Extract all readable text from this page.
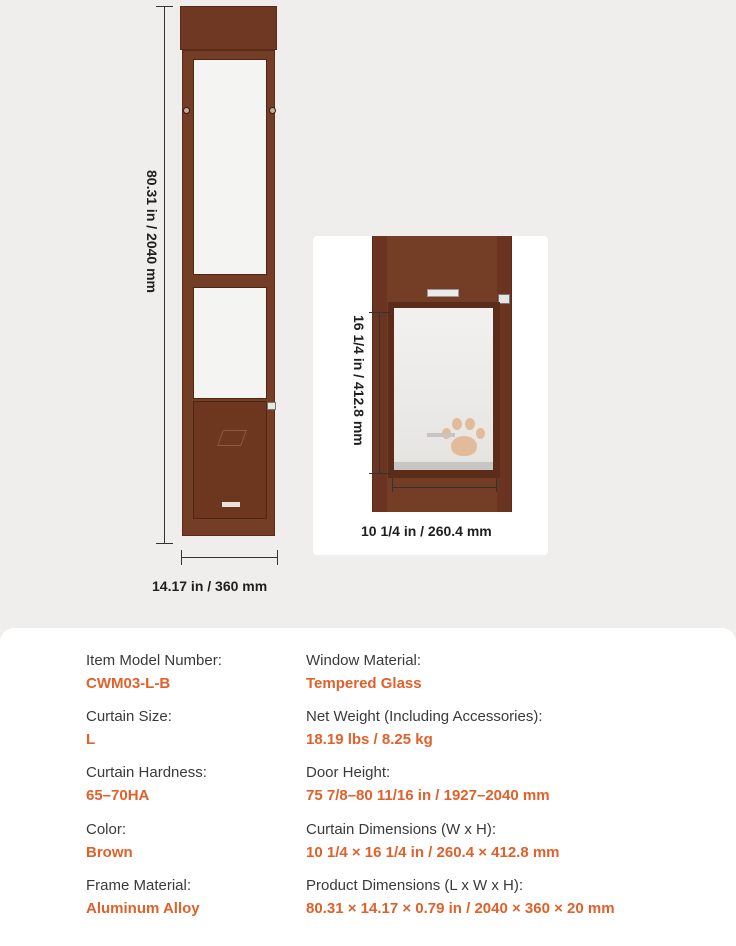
80.31 in / 2040 mm
14.17 in / 360 mm
16 1/4 in / 412.8 mm
10 1/4 in / 260.4 mm
Item Model Number:
CWM03-L-B
Curtain Size:
L
Curtain Hardness:
65–70HA
Color:
Brown
Frame Material:
Aluminum Alloy
Window Material:
Tempered Glass
Net Weight (Including Accessories):
18.19 lbs / 8.25 kg
Door Height:
75 7/8–80 11/16 in / 1927–2040 mm
Curtain Dimensions (W x H):
10 1/4 × 16 1/4 in / 260.4 × 412.8 mm
Product Dimensions (L x W x H):
80.31 × 14.17 × 0.79 in / 2040 × 360 × 20 mm
